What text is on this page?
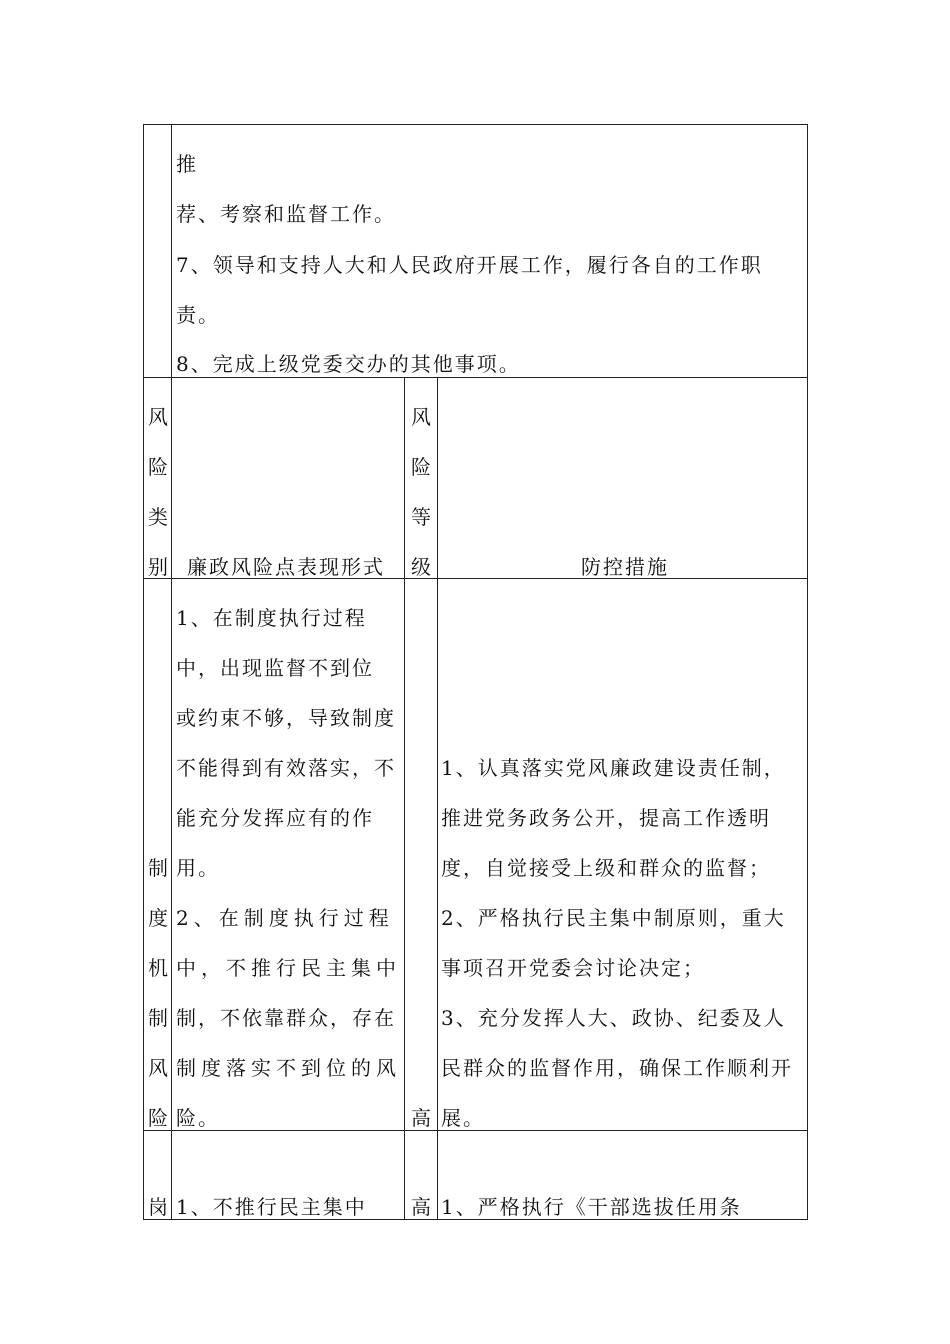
推
荐、考察和监督工作。
7、领导和支持人大和人民政府开展工作，履行各自的工作职
责。
8、完成上级党委交办的其他事项。
风
险
类
别 廉政风险点表现形式
风
险
等
级	防控措施
制
度
机
制
风
险
1、在制度执行过程
中，出现监督不到位
或约束不够，导致制度
不能得到有效落实，不
能充分发挥应有的作
用。
2、在制度执行过程
中，不推行民主集中
制，不依靠群众，存在
制度落实不到位的风
险。	高
1、认真落实党风廉政建设责任制，
推进党务政务公开，提高工作透明
度，自觉接受上级和群众的监督；
2、严格执行民主集中制原则，重大
事项召开党委会讨论决定；
3、充分发挥人大、政协、纪委及人
民群众的监督作用，确保工作顺利开
展。
岗 1、不推行民主集中 高 1、严格执行《干部选拔任用条
